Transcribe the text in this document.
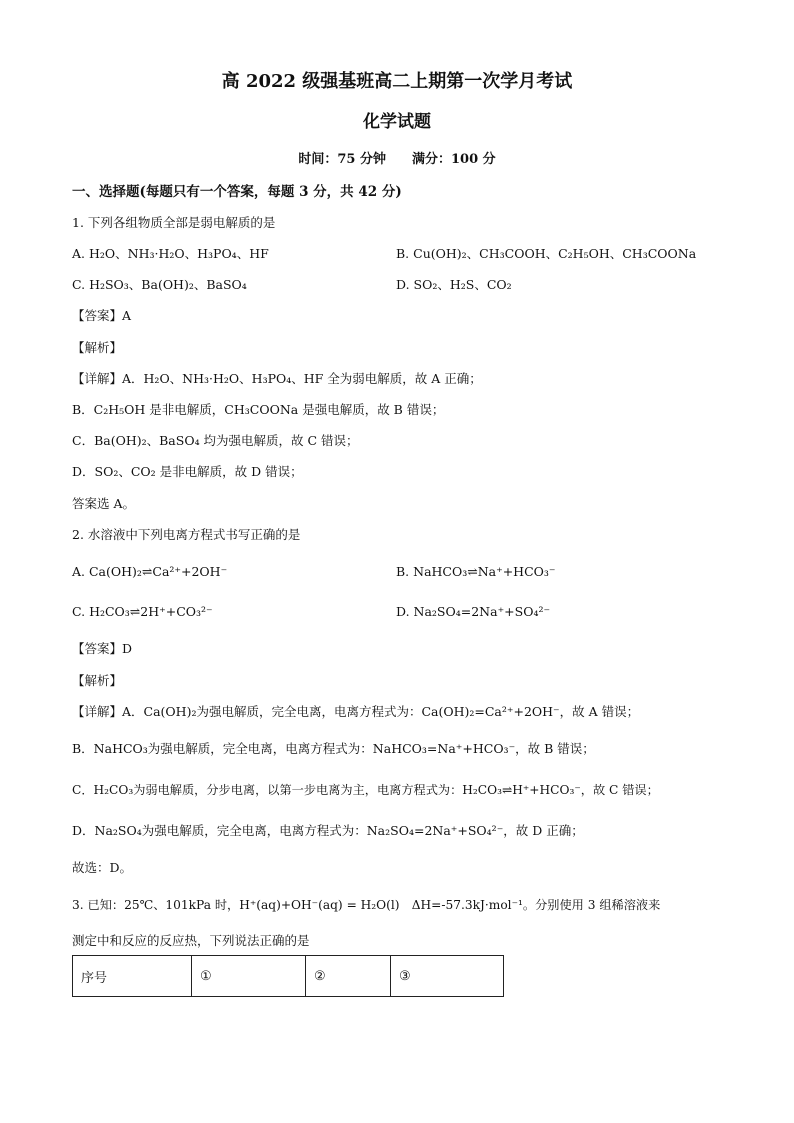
高 2022 级强基班高二上期第一次学月考试
化学试题
时间：75 分钟　　满分：100 分
一、选择题(每题只有一个答案，每题 3 分，共 42 分)
1. 下列各组物质全部是弱电解质的是
A. H₂O、NH₃·H₂O、H₃PO₄、HF	B. Cu(OH)₂、CH₃COOH、C₂H₅OH、CH₃COONa
C. H₂SO₃、Ba(OH)₂、BaSO₄	D. SO₂、H₂S、CO₂
【答案】A
【解析】
【详解】A．H₂O、NH₃·H₂O、H₃PO₄、HF 全为弱电解质，故 A 正确；
B．C₂H₅OH 是非电解质，CH₃COONa 是强电解质，故 B 错误；
C．Ba(OH)₂、BaSO₄ 均为强电解质，故 C 错误；
D．SO₂、CO₂ 是非电解质，故 D 错误；
答案选 A。
2. 水溶液中下列电离方程式书写正确的是
A. Ca(OH)₂⇌Ca²⁺+2OH⁻	B. NaHCO₃⇌Na⁺+HCO₃⁻
C. H₂CO₃⇌2H⁺+CO₃²⁻	D. Na₂SO₄=2Na⁺+SO₄²⁻
【答案】D
【解析】
【详解】A．Ca(OH)₂为强电解质，完全电离，电离方程式为：Ca(OH)₂=Ca²⁺+2OH⁻，故 A 错误；
B．NaHCO₃为强电解质，完全电离，电离方程式为：NaHCO₃=Na⁺+HCO₃⁻，故 B 错误；
C．H₂CO₃为弱电解质，分步电离，以第一步电离为主，电离方程式为：H₂CO₃⇌H⁺+HCO₃⁻，故 C 错误；
D．Na₂SO₄为强电解质，完全电离，电离方程式为：Na₂SO₄=2Na⁺+SO₄²⁻，故 D 正确；
故选：D。
3. 已知：25℃、101kPa 时，H⁺(aq)+OH⁻(aq) = H₂O(l)　ΔH=-57.3kJ·mol⁻¹。分别使用 3 组稀溶液来
测定中和反应的反应热，下列说法正确的是
序号	①	②	③
